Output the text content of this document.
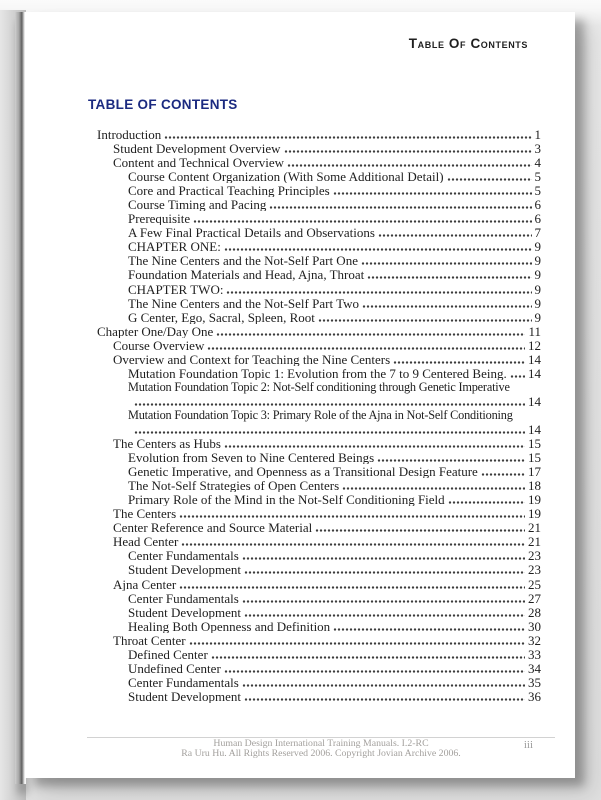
Table Of Contents
TABLE OF CONTENTS
Introduction	1
Student Development Overview	3
Content and Technical Overview	4
Course Content Organization (With Some Additional Detail)	5
Core and Practical Teaching Principles	5
Course Timing and Pacing	6
Prerequisite	6
A Few Final Practical Details and Observations	7
CHAPTER ONE:	9
The Nine Centers and the Not-Self Part One	9
Foundation Materials and Head, Ajna, Throat	9
CHAPTER TWO:	9
The Nine Centers and the Not-Self Part Two	9
G Center, Ego, Sacral, Spleen, Root	9
Chapter One/Day One	11
Course Overview	12
Overview and Context for Teaching the Nine Centers	14
Mutation Foundation Topic 1: Evolution from the 7 to 9 Centered Being. 14
Mutation Foundation Topic 2: Not-Self conditioning through Genetic Imperative
14
Mutation Foundation Topic 3: Primary Role of the Ajna in Not-Self Conditioning
14
The Centers as Hubs	15
Evolution from Seven to Nine Centered Beings	15
Genetic Imperative, and Openness as a Transitional Design Feature	17
The Not-Self Strategies of Open Centers	18
Primary Role of the Mind in the Not-Self Conditioning Field	19
The Centers	19
Center Reference and Source Material	21
Head Center	21
Center Fundamentals	23
Student Development	23
Ajna Center	25
Center Fundamentals	27
Student Development	28
Healing Both Openness and Definition	30
Throat Center	32
Defined Center	33
Undefined Center	34
Center Fundamentals	35
Student Development	36
Human Design International Training Manuals. I.2-RC
Ra Uru Hu. All Rights Reserved 2006. Copyright Jovian Archive 2006.
iii
